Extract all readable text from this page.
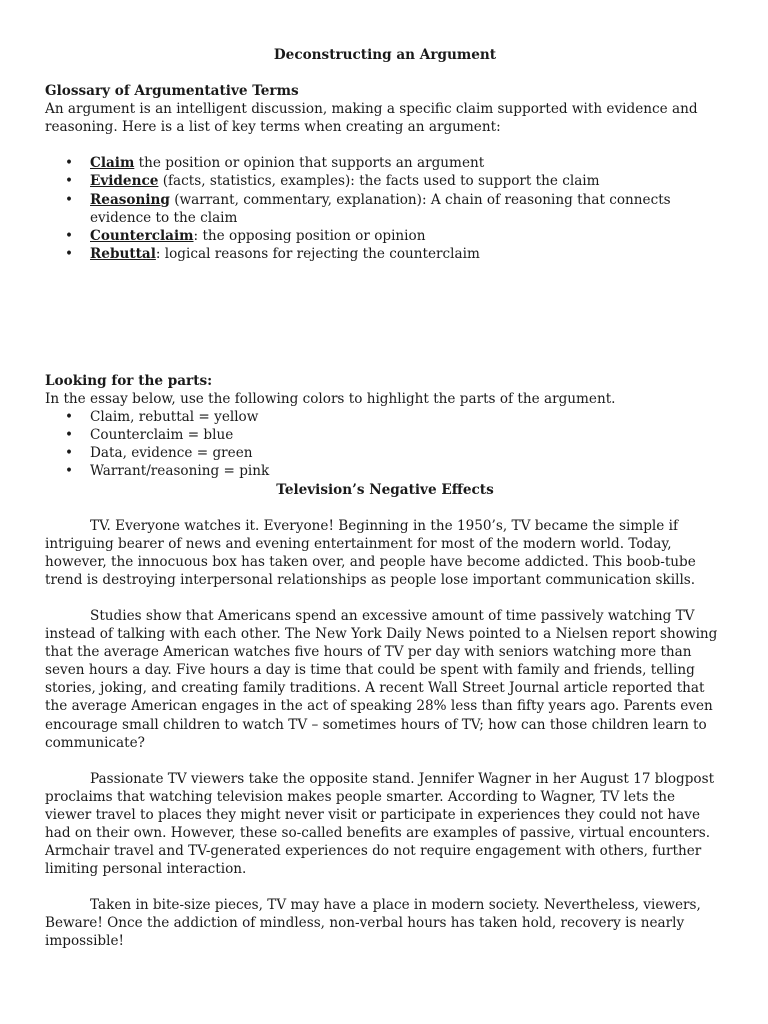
Deconstructing an Argument

Glossary of Argumentative Terms

An argument is an intelligent discussion, making a specific claim supported with evidence and reasoning. Here is a list of key terms when creating an argument:

• Claim the position or opinion that supports an argument
• Evidence (facts, statistics, examples): the facts used to support the claim
• Reasoning (warrant, commentary, explanation): A chain of reasoning that connects evidence to the claim
• Counterclaim: the opposing position or opinion
• Rebuttal: logical reasons for rejecting the counterclaim

Looking for the parts:

In the essay below, use the following colors to highlight the parts of the argument.

• Claim, rebuttal = yellow
• Counterclaim = blue
• Data, evidence = green
• Warrant/reasoning = pink

Television’s Negative Effects

TV. Everyone watches it. Everyone! Beginning in the 1950’s, TV became the simple if intriguing bearer of news and evening entertainment for most of the modern world. Today, however, the innocuous box has taken over, and people have become addicted. This boob-tube trend is destroying interpersonal relationships as people lose important communication skills.

Studies show that Americans spend an excessive amount of time passively watching TV instead of talking with each other. The New York Daily News pointed to a Nielsen report showing that the average American watches five hours of TV per day with seniors watching more than seven hours a day. Five hours a day is time that could be spent with family and friends, telling stories, joking, and creating family traditions. A recent Wall Street Journal article reported that the average American engages in the act of speaking 28% less than fifty years ago. Parents even encourage small children to watch TV – sometimes hours of TV; how can those children learn to communicate?

Passionate TV viewers take the opposite stand. Jennifer Wagner in her August 17 blogpost proclaims that watching television makes people smarter. According to Wagner, TV lets the viewer travel to places they might never visit or participate in experiences they could not have had on their own. However, these so-called benefits are examples of passive, virtual encounters. Armchair travel and TV-generated experiences do not require engagement with others, further limiting personal interaction.

Taken in bite-size pieces, TV may have a place in modern society. Nevertheless, viewers, Beware! Once the addiction of mindless, non-verbal hours has taken hold, recovery is nearly impossible!
